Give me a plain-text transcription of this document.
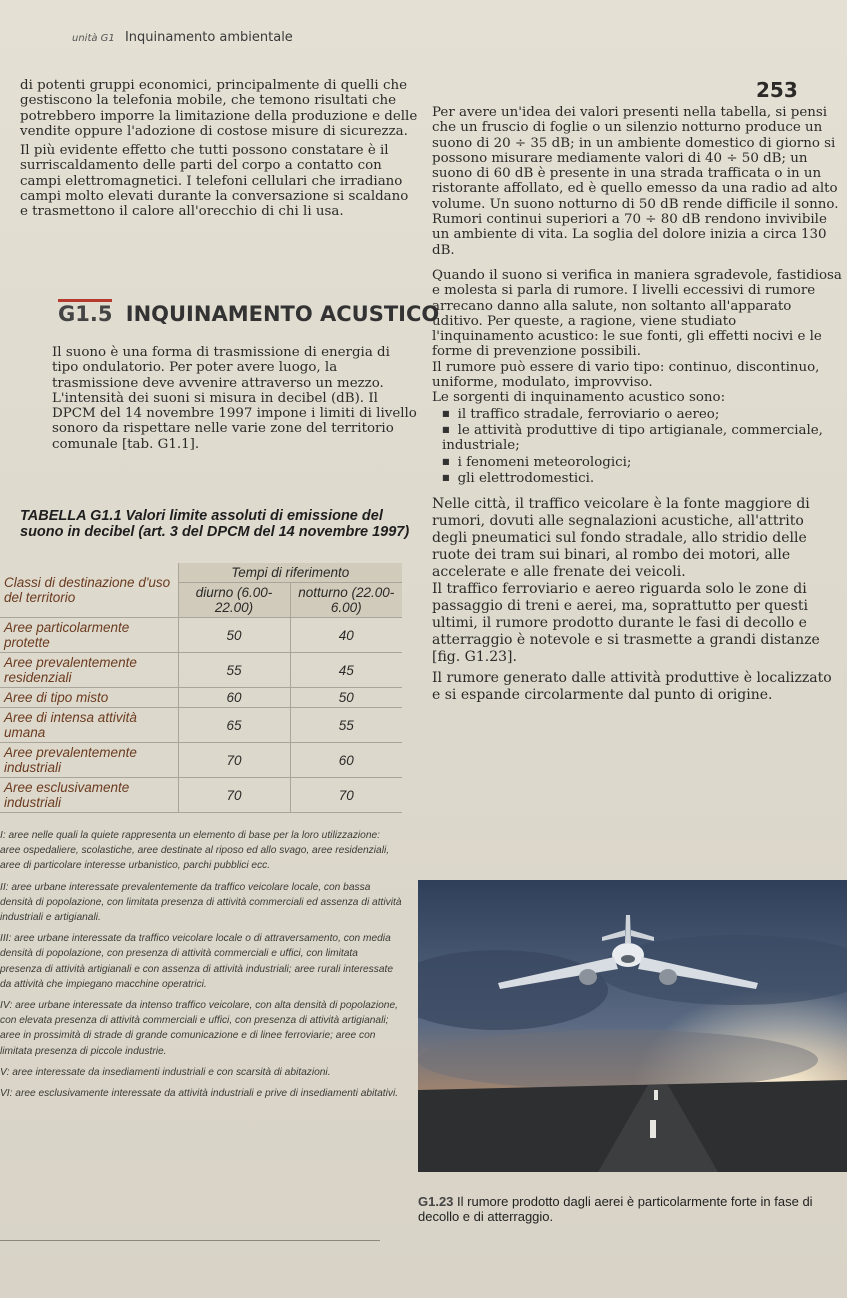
unità G1 Inquinamento ambientale
253

di potenti gruppi economici, principalmente di quelli che gestiscono la telefonia mobile, che temono risultati che potrebbero imporre la limitazione della produzione e delle vendite oppure l'adozione di costose misure di sicurezza.

Il più evidente effetto che tutti possono constatare è il surriscaldamento delle parti del corpo a contatto con campi elettromagnetici. I telefoni cellulari che irradiano campi molto elevati durante la conversazione si scaldano e trasmettono il calore all'orecchio di chi li usa.

G1.5 INQUINAMENTO ACUSTICO

Il suono è una forma di trasmissione di energia di tipo ondulatorio. Per poter avere luogo, la trasmissione deve avvenire attraverso un mezzo. L'intensità dei suoni si misura in decibel (dB). Il DPCM del 14 novembre 1997 impone i limiti di livello sonoro da rispettare nelle varie zone del territorio comunale [tab. G1.1].

TABELLA G1.1 Valori limite assoluti di emissione del suono in decibel (art. 3 del DPCM del 14 novembre 1997)
Classi di destinazione d'uso del territorio	Tempi di riferimento	
	diurno (6.00-22.00)	notturno (22.00-6.00)
Aree particolarmente protette	50	40
Aree prevalentemente residenziali	55	45
Aree di tipo misto	60	50
Aree di intensa attività umana	65	55
Aree prevalentemente industriali	70	60
Aree esclusivamente industriali	70	70

I: aree nelle quali la quiete rappresenta un elemento di base per la loro utilizzazione: aree ospedaliere, scolastiche, aree destinate al riposo ed allo svago, aree residenziali, aree di particolare interesse urbanistico, parchi pubblici ecc.

II: aree urbane interessate prevalentemente da traffico veicolare locale, con bassa densità di popolazione, con limitata presenza di attività commerciali ed assenza di attività industriali e artigianali.

III: aree urbane interessate da traffico veicolare locale o di attraversamento, con media densità di popolazione, con presenza di attività commerciali e uffici, con limitata presenza di attività artigianali e con assenza di attività industriali; aree rurali interessate da attività che impiegano macchine operatrici.

IV: aree urbane interessate da intenso traffico veicolare, con alta densità di popolazione, con elevata presenza di attività commerciali e uffici, con presenza di attività artigianali; aree in prossimità di strade di grande comunicazione e di linee ferroviarie; aree con limitata presenza di piccole industrie.

V: aree interessate da insediamenti industriali e con scarsità di abitazioni.

VI: aree esclusivamente interessate da attività industriali e prive di insediamenti abitativi.

Per avere un'idea dei valori presenti nella tabella, si pensi che un fruscio di foglie o un silenzio notturno produce un suono di 20 ÷ 35 dB; in un ambiente domestico di giorno si possono misurare mediamente valori di 40 ÷ 50 dB; un suono di 60 dB è presente in una strada trafficata o in un ristorante affollato, ed è quello emesso da una radio ad alto volume. Un suono notturno di 50 dB rende difficile il sonno. Rumori continui superiori a 70 ÷ 80 dB rendono invivibile un ambiente di vita. La soglia del dolore inizia a circa 130 dB.

Quando il suono si verifica in maniera sgradevole, fastidiosa e molesta si parla di rumore. I livelli eccessivi di rumore arrecano danno alla salute, non soltanto all'apparato uditivo. Per queste, a ragione, viene studiato l'inquinamento acustico: le sue fonti, gli effetti nocivi e le forme di prevenzione possibili.

Il rumore può essere di vario tipo: continuo, discontinuo, uniforme, modulato, improvviso.

Le sorgenti di inquinamento acustico sono:

■ il traffico stradale, ferroviario o aereo;
■ le attività produttive di tipo artigianale, commerciale, industriale;
■ i fenomeni meteorologici;
■ gli elettrodomestici.

Nelle città, il traffico veicolare è la fonte maggiore di rumori, dovuti alle segnalazioni acustiche, all'attrito degli pneumatici sul fondo stradale, allo stridio delle ruote dei tram sui binari, al rombo dei motori, alle accelerate e alle frenate dei veicoli.

Il traffico ferroviario e aereo riguarda solo le zone di passaggio di treni e aerei, ma, soprattutto per questi ultimi, il rumore prodotto durante le fasi di decollo e atterraggio è notevole e si trasmette a grandi distanze [fig. G1.23].

Il rumore generato dalle attività produttive è localizzato e si espande circolarmente dal punto di origine.

G1.23 Il rumore prodotto dagli aerei è particolarmente forte in fase di decollo e di atterraggio.
